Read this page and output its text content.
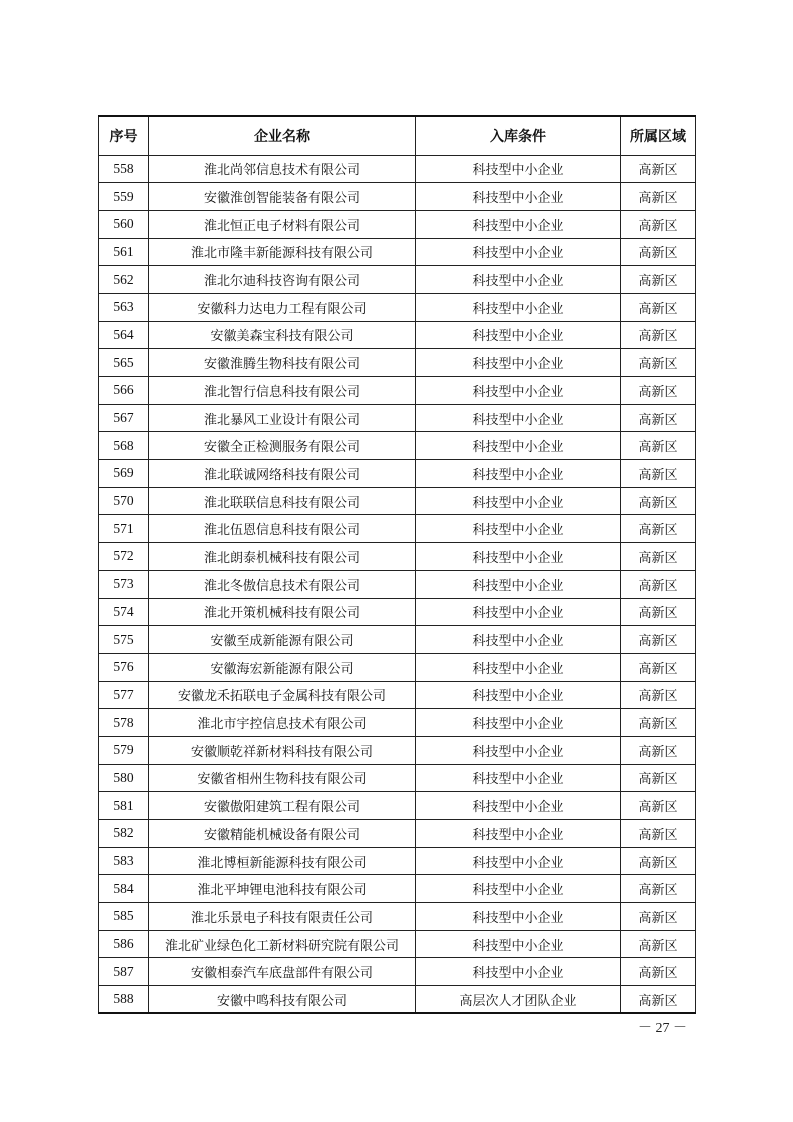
序号	企业名称	入库条件	所属区域
558	淮北尚邻信息技术有限公司	科技型中小企业	高新区
559	安徽淮创智能装备有限公司	科技型中小企业	高新区
560	淮北恒正电子材料有限公司	科技型中小企业	高新区
561	淮北市隆丰新能源科技有限公司	科技型中小企业	高新区
562	淮北尔迪科技咨询有限公司	科技型中小企业	高新区
563	安徽科力达电力工程有限公司	科技型中小企业	高新区
564	安徽美森宝科技有限公司	科技型中小企业	高新区
565	安徽淮腾生物科技有限公司	科技型中小企业	高新区
566	淮北智行信息科技有限公司	科技型中小企业	高新区
567	淮北暴风工业设计有限公司	科技型中小企业	高新区
568	安徽全正检测服务有限公司	科技型中小企业	高新区
569	淮北联诚网络科技有限公司	科技型中小企业	高新区
570	淮北联联信息科技有限公司	科技型中小企业	高新区
571	淮北伍恩信息科技有限公司	科技型中小企业	高新区
572	淮北朗泰机械科技有限公司	科技型中小企业	高新区
573	淮北冬傲信息技术有限公司	科技型中小企业	高新区
574	淮北开策机械科技有限公司	科技型中小企业	高新区
575	安徽至成新能源有限公司	科技型中小企业	高新区
576	安徽海宏新能源有限公司	科技型中小企业	高新区
577	安徽龙禾拓联电子金属科技有限公司	科技型中小企业	高新区
578	淮北市宇控信息技术有限公司	科技型中小企业	高新区
579	安徽顺乾祥新材料科技有限公司	科技型中小企业	高新区
580	安徽省相州生物科技有限公司	科技型中小企业	高新区
581	安徽傲阳建筑工程有限公司	科技型中小企业	高新区
582	安徽精能机械设备有限公司	科技型中小企业	高新区
583	淮北博桓新能源科技有限公司	科技型中小企业	高新区
584	淮北平坤锂电池科技有限公司	科技型中小企业	高新区
585	淮北乐景电子科技有限责任公司	科技型中小企业	高新区
586	淮北矿业绿色化工新材料研究院有限公司	科技型中小企业	高新区
587	安徽相泰汽车底盘部件有限公司	科技型中小企业	高新区
588	安徽中鸣科技有限公司	高层次人才团队企业	高新区
－ 27 －
